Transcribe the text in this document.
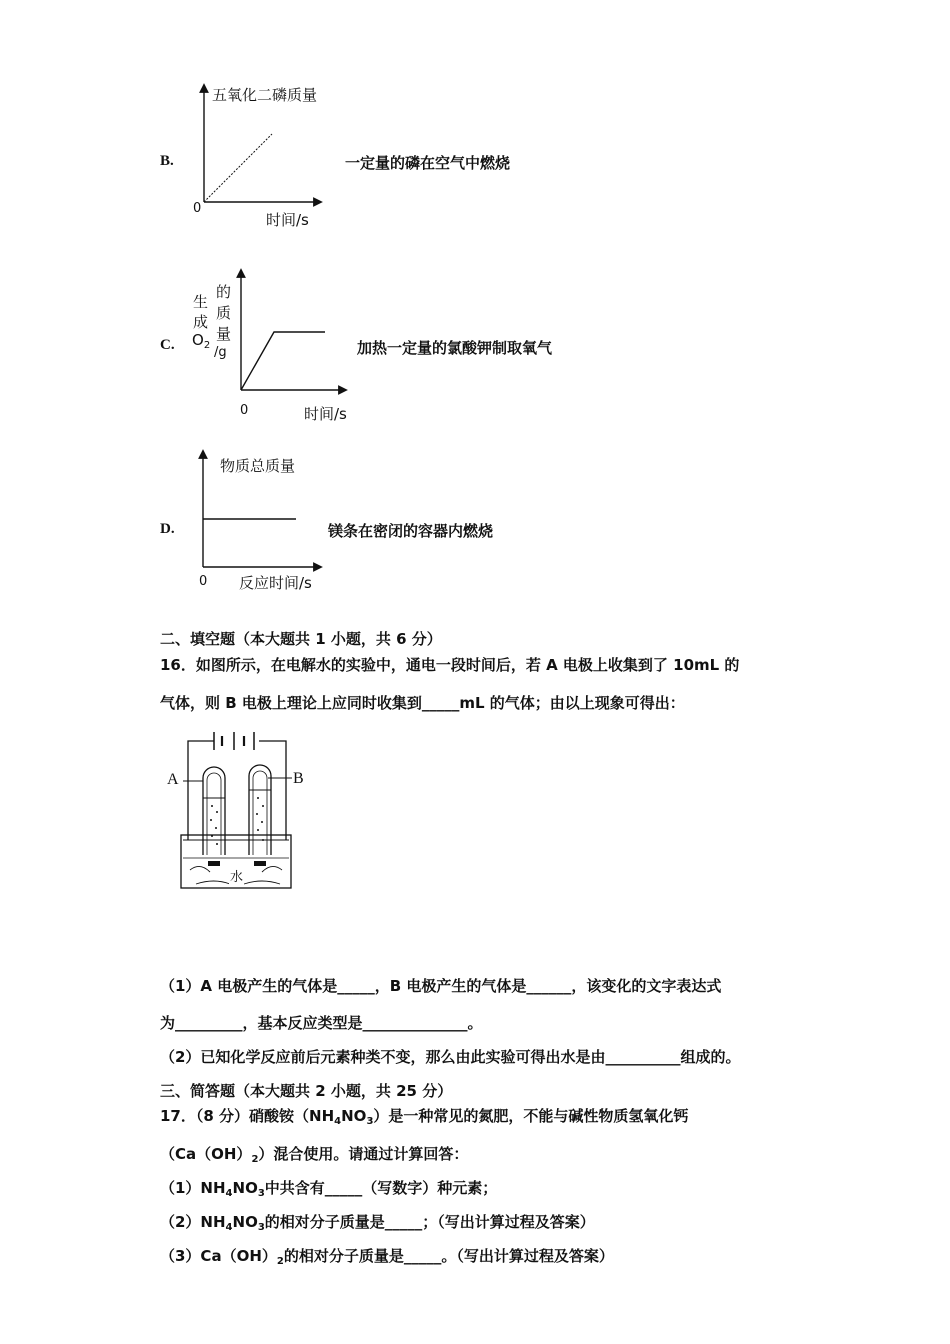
B.
五氧化二磷质量
0
时间/s
一定量的磷在空气中燃烧
C.
生
成
$O_2$
的
质
量
/g
0	时间/s
加热一定量的氯酸钾制取氧气
D.
物质总质量
0 反应时间/s
镁条在密闭的容器内燃烧
二、填空题（本大题共 1 小题，共 6 分）
16．如图所示，在电解水的实验中，通电一段时间后，若 A 电极上收集到了 10mL 的
气体，则 B 电极上理论上应同时收集到_____mL 的气体；由以上现象可得出：
A	B
水
（1）A 电极产生的气体是_____，B 电极产生的气体是______，该变化的文字表达式
为_________，基本反应类型是______________。
（2）已知化学反应前后元素种类不变，那么由此实验可得出水是由__________组成的。
三、简答题（本大题共 2 小题，共 25 分）
17．（8 分）硝酸铵$(NH_4NO_3)$是一种常见的氮肥，不能与碱性物质氢氧化钙
$(Ca(OH)_2)$混合使用。请通过计算回答：
$(1)NH_4NO_3$中共含有_____（写数字）种元素；
$(2)NH_4NO_3$的相对分子质量是_____；（写出计算过程及答案）
$(3)Ca(OH)_2$的相对分子质量是_____。（写出计算过程及答案）
